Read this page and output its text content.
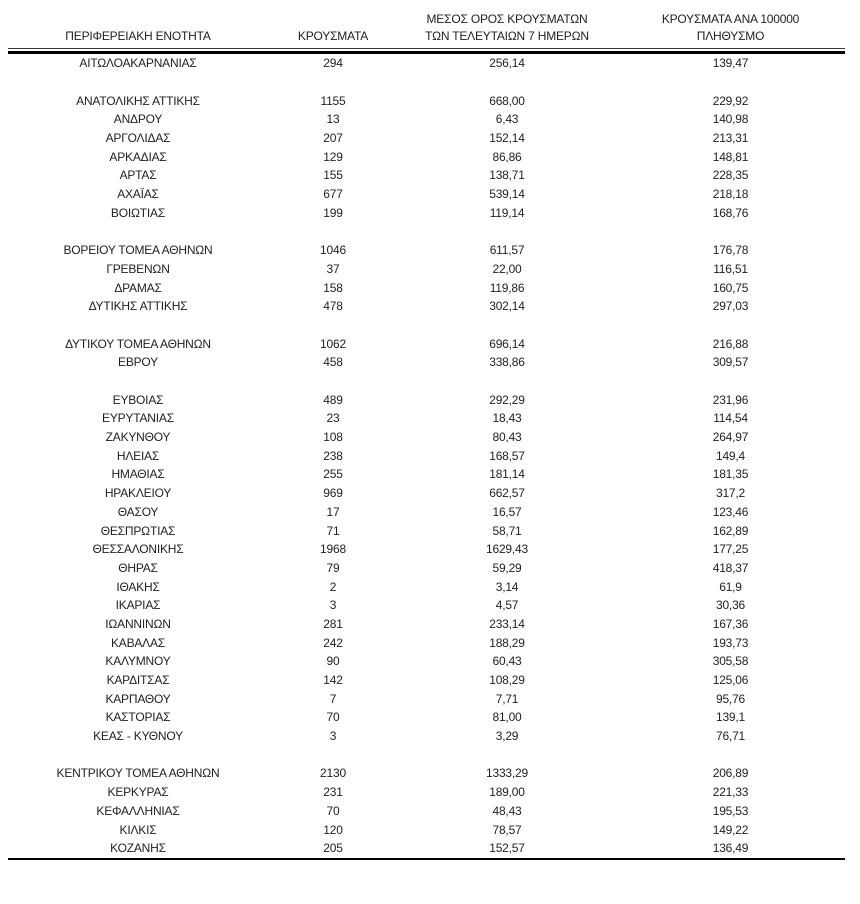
ΠΕΡΙΦΕΡΕΙΑΚΗ ΕΝΟΤΗΤΑ	ΚΡΟΥΣΜΑΤΑ
ΜΕΣΟΣ ΟΡΟΣ ΚΡΟΥΣΜΑΤΩΝ
ΤΩΝ ΤΕΛΕΥΤΑΙΩΝ 7 ΗΜΕΡΩΝ
ΚΡΟΥΣΜΑΤΑ ΑΝΑ 100000
ΠΛΗΘΥΣΜΟ
ΑΙΤΩΛΟΑΚΑΡΝΑΝΙΑΣ	294	256,14	139,47

ΑΝΑΤΟΛΙΚΗΣ ΑΤΤΙΚΗΣ	1155	668,00	229,92
ΑΝΔΡΟΥ	13	6,43	140,98
ΑΡΓΟΛΙΔΑΣ	207	152,14	213,31
ΑΡΚΑΔΙΑΣ	129	86,86	148,81
ΑΡΤΑΣ	155	138,71	228,35
ΑΧΑΪΑΣ	677	539,14	218,18
ΒΟΙΩΤΙΑΣ	199	119,14	168,76

ΒΟΡΕΙΟΥ ΤΟΜΕΑ ΑΘΗΝΩΝ	1046	611,57	176,78
ΓΡΕΒΕΝΩΝ	37	22,00	116,51
ΔΡΑΜΑΣ	158	119,86	160,75
ΔΥΤΙΚΗΣ ΑΤΤΙΚΗΣ	478	302,14	297,03

ΔΥΤΙΚΟΥ ΤΟΜΕΑ ΑΘΗΝΩΝ	1062	696,14	216,88
ΕΒΡΟΥ	458	338,86	309,57

ΕΥΒΟΙΑΣ	489	292,29	231,96
ΕΥΡΥΤΑΝΙΑΣ	23	18,43	114,54
ΖΑΚΥΝΘΟΥ	108	80,43	264,97
ΗΛΕΙΑΣ	238	168,57	149,4
ΗΜΑΘΙΑΣ	255	181,14	181,35
ΗΡΑΚΛΕΙΟΥ	969	662,57	317,2
ΘΑΣΟΥ	17	16,57	123,46
ΘΕΣΠΡΩΤΙΑΣ	71	58,71	162,89
ΘΕΣΣΑΛΟΝΙΚΗΣ	1968	1629,43	177,25
ΘΗΡΑΣ	79	59,29	418,37
ΙΘΑΚΗΣ	2	3,14	61,9
ΙΚΑΡΙΑΣ	3	4,57	30,36
ΙΩΑΝΝΙΝΩΝ	281	233,14	167,36
ΚΑΒΑΛΑΣ	242	188,29	193,73
ΚΑΛΥΜΝΟΥ	90	60,43	305,58
ΚΑΡΔΙΤΣΑΣ	142	108,29	125,06
ΚΑΡΠΑΘΟΥ	7	7,71	95,76
ΚΑΣΤΟΡΙΑΣ	70	81,00	139,1
ΚΕΑΣ - ΚΥΘΝΟΥ	3	3,29	76,71

ΚΕΝΤΡΙΚΟΥ ΤΟΜΕΑ ΑΘΗΝΩΝ	2130	1333,29	206,89
ΚΕΡΚΥΡΑΣ	231	189,00	221,33
ΚΕΦΑΛΛΗΝΙΑΣ	70	48,43	195,53
ΚΙΛΚΙΣ	120	78,57	149,22
ΚΟΖΑΝΗΣ	205	152,57	136,49
